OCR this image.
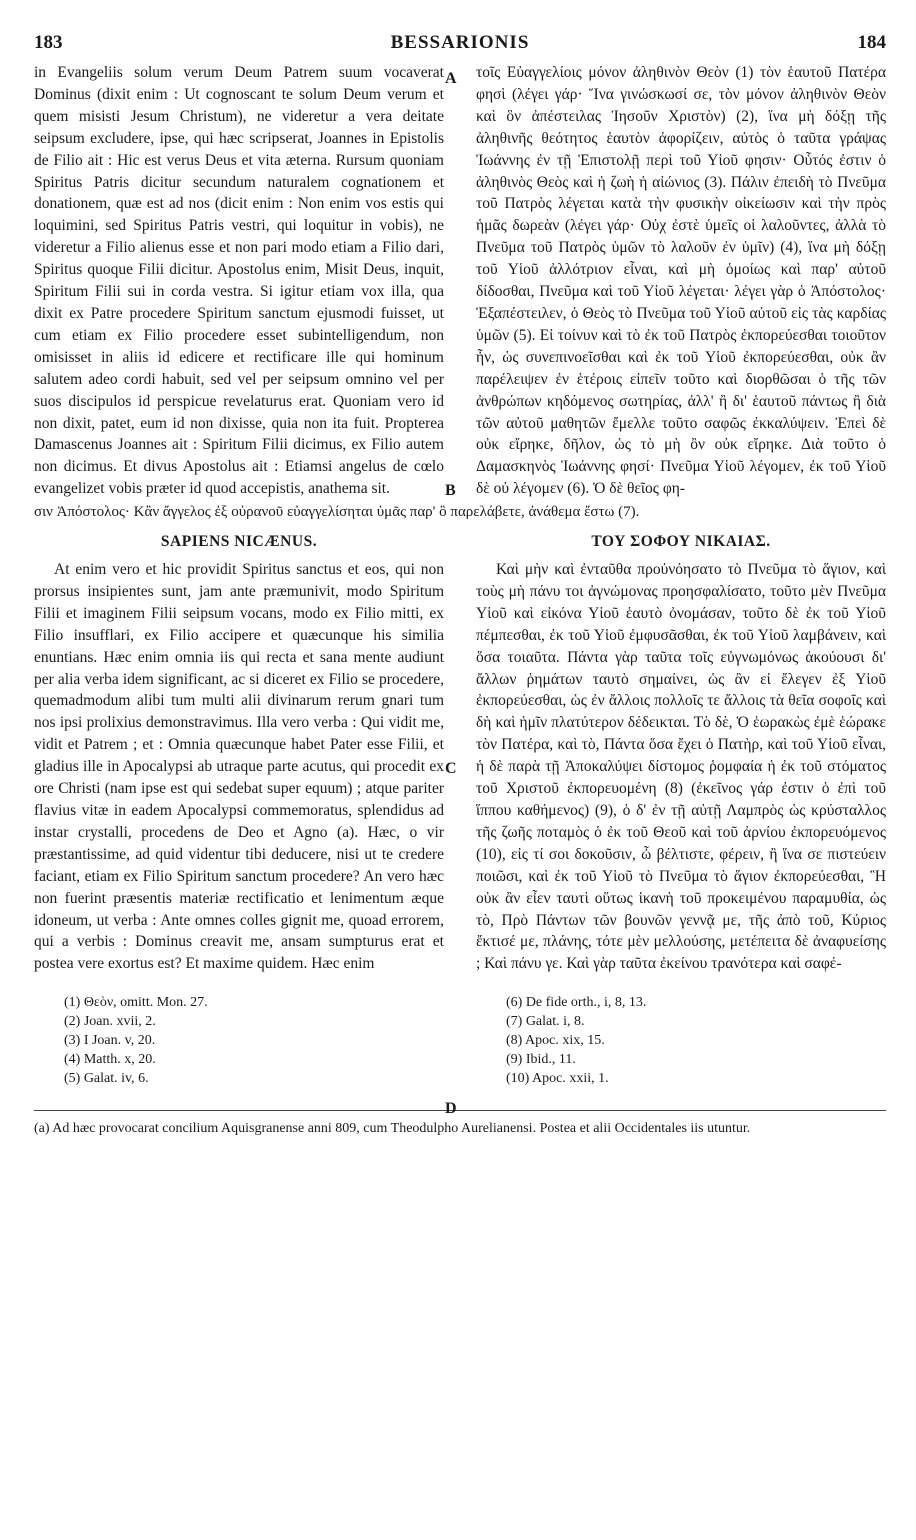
183	BESSARIONIS	184
A
B
C
D

in Evangeliis solum verum Deum Patrem suum vocaverat Dominus (dixit enim : Ut cognoscant te solum Deum verum et quem misisti Jesum Christum), ne videretur a vera deitate seipsum excludere, ipse, qui hæc scripserat, Joannes in Epistolis de Filio ait : Hic est verus Deus et vita æterna. Rursum quoniam Spiritus Patris dicitur secundum naturalem cognationem et donationem, quæ est ad nos (dicit enim : Non enim vos estis qui loquimini, sed Spiritus Patris vestri, qui loquitur in vobis), ne videretur a Filio alienus esse et non pari modo etiam a Filio dari, Spiritus quoque Filii dicitur. Apostolus enim, Misit Deus, inquit, Spiritum Filii sui in corda vestra. Si igitur etiam vox illa, qua dixit ex Patre procedere Spiritum sanctum ejusmodi fuisset, ut cum etiam ex Filio procedere esset subintelligendum, non omisisset in aliis id edicere et rectificare ille qui hominum salutem adeo cordi habuit, sed vel per seipsum omnino vel per suos discipulos id perspicue revelaturus erat. Quoniam vero id non dixit, patet, eum id non dixisse, quia non ita fuit. Propterea Damascenus Joannes ait : Spiritum Filii dicimus, ex Filio autem non dicimus. Et divus Apostolus ait : Etiamsi angelus de cœlo evangelizet vobis præter id quod accepistis, anathema sit.

τοῖς Εὐαγγελίοις μόνον ἀληθινὸν Θεὸν (1) τὸν ἑαυτοῦ Πατέρα φησὶ (λέγει γάρ· Ἵνα γινώσκωσί σε, τὸν μόνον ἀληθινὸν Θεὸν καὶ ὃν ἀπέστειλας Ἰησοῦν Χριστὸν) (2), ἵνα μὴ δόξῃ τῆς ἀληθινῆς θεότητος ἑαυτὸν ἀφορίζειν, αὐτὸς ὁ ταῦτα γράψας Ἰωάννης ἐν τῇ Ἐπιστολῇ περὶ τοῦ Υἱοῦ φησιν· Οὗτός ἐστιν ὁ ἀληθινὸς Θεὸς καὶ ἡ ζωὴ ἡ αἰώνιος (3). Πάλιν ἐπειδὴ τὸ Πνεῦμα τοῦ Πατρὸς λέγεται κατὰ τὴν φυσικὴν οἰκείωσιν καὶ τὴν πρὸς ἡμᾶς δωρεὰν (λέγει γάρ· Οὐχ ἐστὲ ὑμεῖς οἱ λαλοῦντες, ἀλλὰ τὸ Πνεῦμα τοῦ Πατρὸς ὑμῶν τὸ λαλοῦν ἐν ὑμῖν) (4), ἵνα μὴ δόξῃ τοῦ Υἱοῦ ἀλλότριον εἶναι, καὶ μὴ ὁμοίως καὶ παρ' αὐτοῦ δίδοσθαι, Πνεῦμα καὶ τοῦ Υἱοῦ λέγεται· λέγει γὰρ ὁ Ἀπόστολος· Ἐξαπέστειλεν, ὁ Θεὸς τὸ Πνεῦμα τοῦ Υἱοῦ αὐτοῦ εἰς τὰς καρδίας ὑμῶν (5). Εἰ τοίνυν καὶ τὸ ἐκ τοῦ Πατρὸς ἐκπορεύεσθαι τοιοῦτον ἦν, ὡς συνεπινοεῖσθαι καὶ ἐκ τοῦ Υἱοῦ ἐκπορεύεσθαι, οὐκ ἂν παρέλειψεν ἐν ἑτέροις εἰπεῖν τοῦτο καὶ διορθῶσαι ὁ τῆς τῶν ἀνθρώπων κηδόμενος σωτηρίας, ἀλλ' ἢ δι' ἑαυτοῦ πάντως ἢ διὰ τῶν αὐτοῦ μαθητῶν ἔμελλε τοῦτο σαφῶς ἐκκαλύψειν. Ἐπεὶ δὲ οὐκ εἴρηκε, δῆλον, ὡς τὸ μὴ ὂν οὐκ εἴρηκε. Διὰ τοῦτο ὁ Δαμασκηνὸς Ἰωάννης φησί· Πνεῦμα Υἱοῦ λέγομεν, ἐκ τοῦ Υἱοῦ δὲ οὐ λέγομεν (6). Ὁ δὲ θεῖος φη-

σιν Ἀπόστολος· Κἂν ἄγγελος ἐξ οὐρανοῦ εὐαγγελίσηται ὑμᾶς παρ' ὃ παρελάβετε, ἀνάθεμα ἔστω (7).
SAPIENS NICÆNUS.	ΤΟΥ ΣΟΦΟΥ ΝΙΚΑΙΑΣ.

At enim vero et hic providit Spiritus sanctus et eos, qui non prorsus insipientes sunt, jam ante præmunivit, modo Spiritum Filii et imaginem Filii seipsum vocans, modo ex Filio mitti, ex Filio insufflari, ex Filio accipere et quæcunque his similia enuntians. Hæc enim omnia iis qui recta et sana mente audiunt per alia verba idem significant, ac si diceret ex Filio se procedere, quemadmodum alibi tum multi alii divinarum rerum gnari tum nos ipsi prolixius demonstravimus. Illa vero verba : Qui vidit me, vidit et Patrem ; et : Omnia quæcunque habet Pater esse Filii, et gladius ille in Apocalypsi ab utraque parte acutus, qui procedit ex ore Christi (nam ipse est qui sedebat super equum) ; atque pariter flavius vitæ in eadem Apocalypsi commemoratus, splendidus ad instar crystalli, procedens de Deo et Agno (a). Hæc, o vir præstantissime, ad quid videntur tibi deducere, nisi ut te credere faciant, etiam ex Filio Spiritum sanctum procedere? An vero hæc non fuerint præsentis materiæ rectificatio et lenimentum æque idoneum, ut verba : Ante omnes colles gignit me, quoad errorem, qui a verbis : Dominus creavit me, ansam sumpturus erat et postea vere exortus est? Et maxime quidem. Hæc enim

Καὶ μὴν καὶ ἐνταῦθα προὐνόησατο τὸ Πνεῦμα τὸ ἅγιον, καὶ τοὺς μὴ πάνυ τοι ἀγνώμονας προησφαλίσατο, τοῦτο μὲν Πνεῦμα Υἱοῦ καὶ εἰκόνα Υἱοῦ ἑαυτὸ ὀνομάσαν, τοῦτο δὲ ἐκ τοῦ Υἱοῦ πέμπεσθαι, ἐκ τοῦ Υἱοῦ ἐμφυσᾶσθαι, ἐκ τοῦ Υἱοῦ λαμβάνειν, καὶ ὅσα τοιαῦτα. Πάντα γὰρ ταῦτα τοῖς εὐγνωμόνως ἀκούουσι δι' ἄλλων ῥημάτων ταυτὸ σημαίνει, ὡς ἂν εἰ ἔλεγεν ἐξ Υἱοῦ ἐκπορεύεσθαι, ὡς ἐν ἄλλοις πολλοῖς τε ἄλλοις τὰ θεῖα σοφοῖς καὶ δὴ καὶ ἡμῖν πλατύτερον δέδεικται. Τὸ δὲ, Ὁ ἑωρακὼς ἐμὲ ἑώρακε τὸν Πατέρα, καὶ τὸ, Πάντα ὅσα ἔχει ὁ Πατὴρ, καὶ τοῦ Υἱοῦ εἶναι, ἡ δὲ παρὰ τῇ Ἀποκαλύψει δίστομος ῥομφαία ἡ ἐκ τοῦ στόματος τοῦ Χριστοῦ ἐκπορευομένη (8) (ἐκεῖνος γάρ ἐστιν ὁ ἐπὶ τοῦ ἵππου καθήμενος) (9), ὁ δ' ἐν τῇ αὐτῇ Λαμπρὸς ὡς κρύσταλλος τῆς ζωῆς ποταμὸς ὁ ἐκ τοῦ Θεοῦ καὶ τοῦ ἀρνίου ἐκπορευόμενος (10), εἰς τί σοι δοκοῦσιν, ὦ βέλτιστε, φέρειν, ἢ ἵνα σε πιστεύειν ποιῶσι, καὶ ἐκ τοῦ Υἱοῦ τὸ Πνεῦμα τὸ ἅγιον ἐκπορεύεσθαι, Ἢ οὐκ ἂν εἶεν ταυτὶ οὕτως ἱκανὴ τοῦ προκειμένου παραμυθία, ὡς τὸ, Πρὸ Πάντων τῶν βουνῶν γεννᾷ με, τῆς ἀπὸ τοῦ, Κύριος ἔκτισέ με, πλάνης, τότε μὲν μελλούσης, μετέπειτα δὲ ἀναφυείσης ; Καὶ πάνυ γε. Καὶ γὰρ ταῦτα ἐκείνου τρανότερα καὶ σαφέ-

(1) Θεὸν, omitt. Mon. 27.
(2) Joan. xvii, 2.
(3) I Joan. v, 20.
(4) Matth. x, 20.
(5) Galat. iv, 6.
(6) De fide orth., i, 8, 13.
(7) Galat. i, 8.
(8) Apoc. xix, 15.
(9) Ibid., 11.
(10) Apoc. xxii, 1.
(a) Ad hæc provocarat concilium Aquisgranense anni 809, cum Theodulpho Aurelianensi. Postea et alii Occidentales iis utuntur.
